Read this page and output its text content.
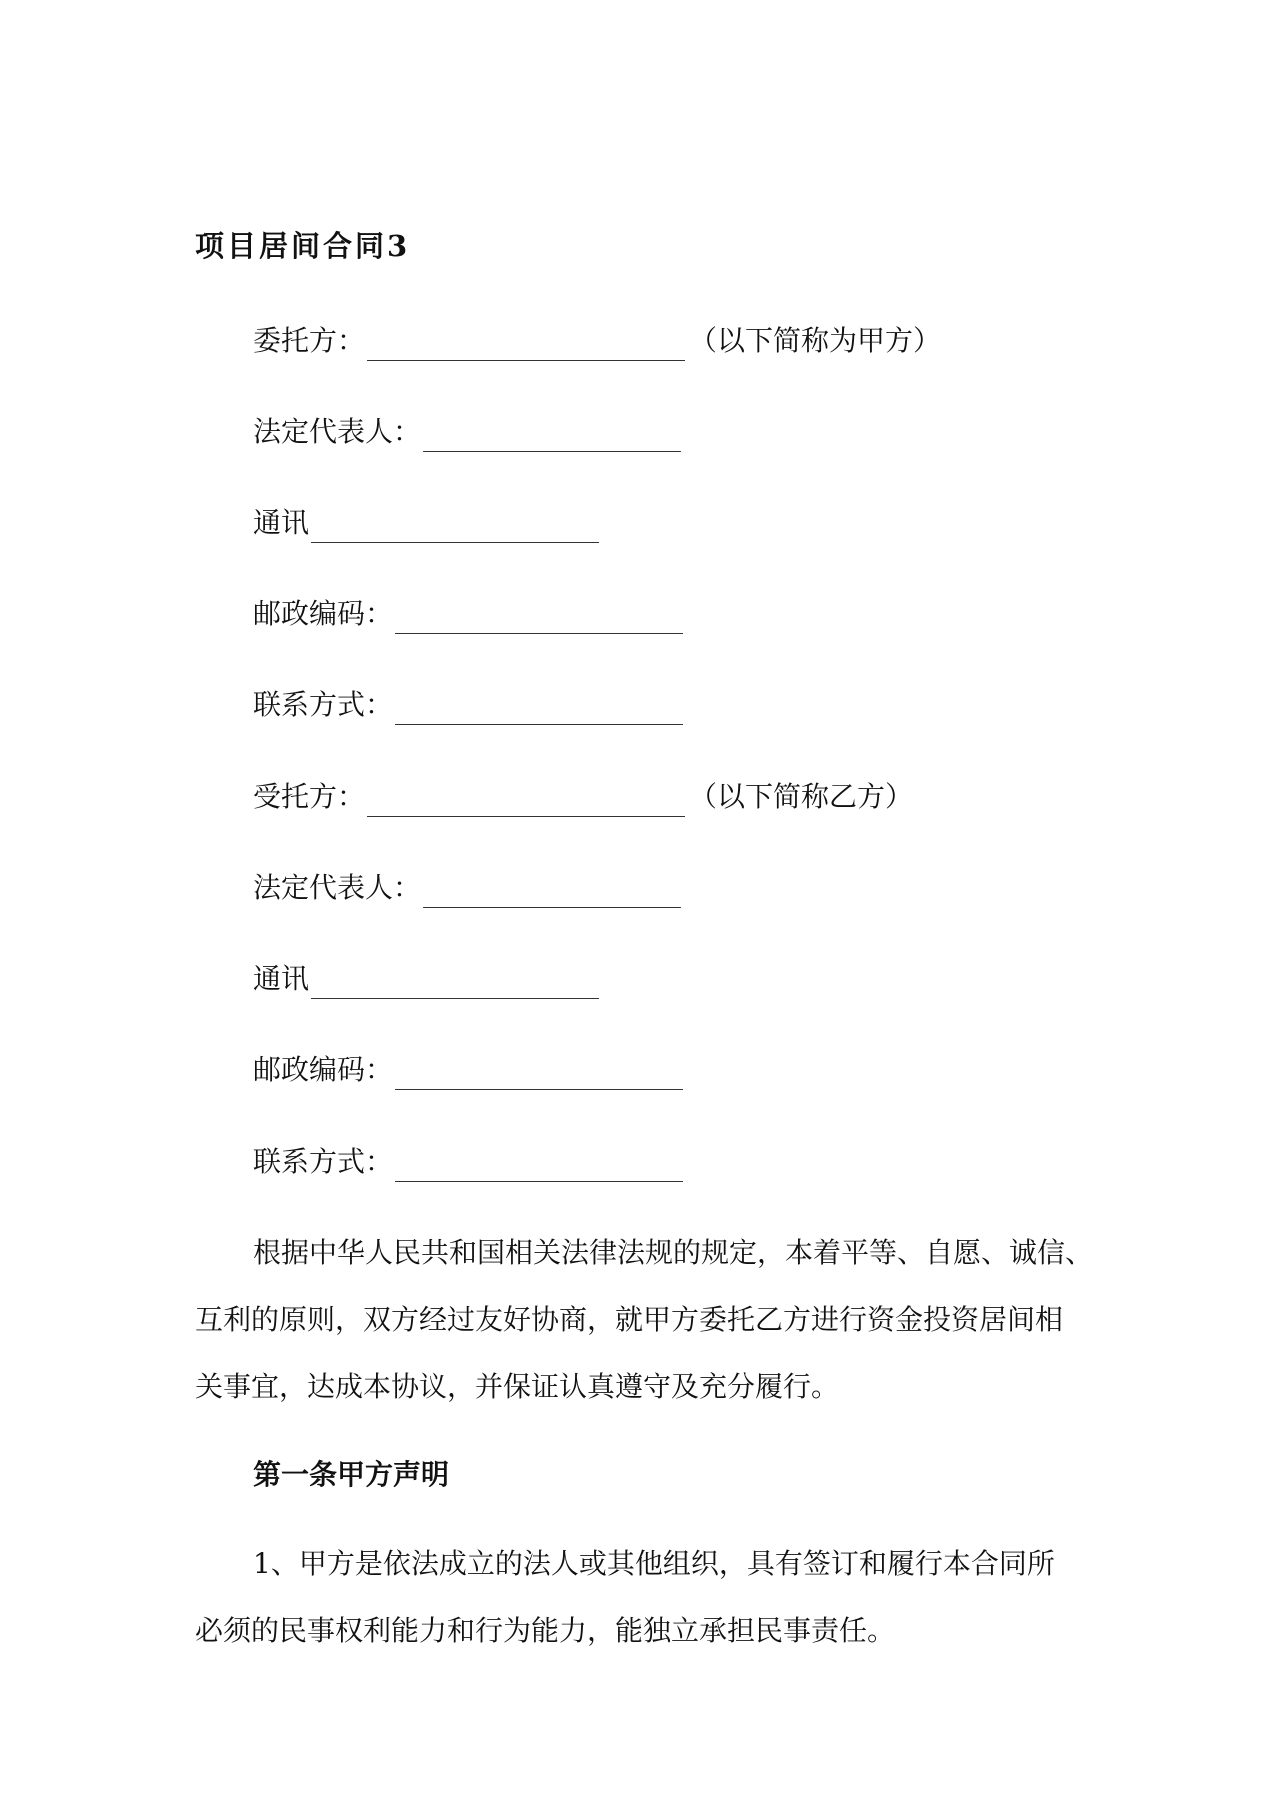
项目居间合同3
委托方：	（以下简称为甲方）
法定代表人：
通讯
邮政编码：
联系方式：
受托方：	（以下简称乙方）
法定代表人：
通讯
邮政编码：
联系方式：
根据中华人民共和国相关法律法规的规定，本着平等、自愿、诚信、
互利的原则，双方经过友好协商，就甲方委托乙方进行资金投资居间相
关事宜，达成本协议，并保证认真遵守及充分履行。
第一条甲方声明
1、甲方是依法成立的法人或其他组织，具有签订和履行本合同所
必须的民事权利能力和行为能力，能独立承担民事责任。
